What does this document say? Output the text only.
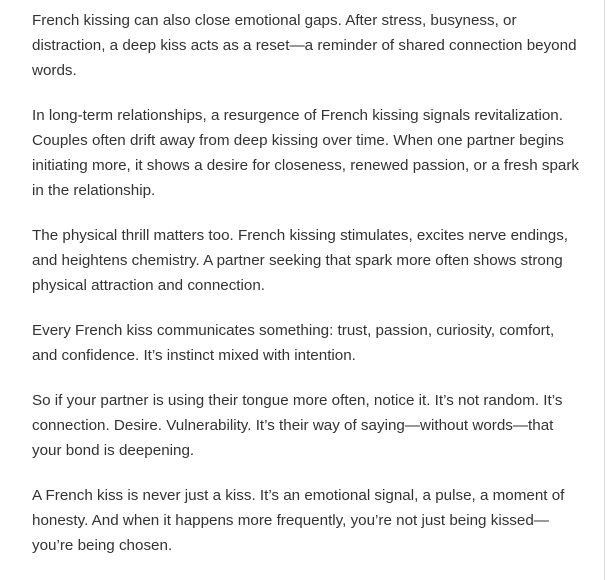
French kissing can also close emotional gaps. After stress, busyness, or distraction, a deep kiss acts as a reset—a reminder of shared connection beyond words.

In long-term relationships, a resurgence of French kissing signals revitalization. Couples often drift away from deep kissing over time. When one partner begins initiating more, it shows a desire for closeness, renewed passion, or a fresh spark in the relationship.

The physical thrill matters too. French kissing stimulates, excites nerve endings, and heightens chemistry. A partner seeking that spark more often shows strong physical attraction and connection.

Every French kiss communicates something: trust, passion, curiosity, comfort, and confidence. It’s instinct mixed with intention.

So if your partner is using their tongue more often, notice it. It’s not random. It’s connection. Desire. Vulnerability. It’s their way of saying—without words—that your bond is deepening.

A French kiss is never just a kiss. It’s an emotional signal, a pulse, a moment of honesty. And when it happens more frequently, you’re not just being kissed—you’re being chosen.
